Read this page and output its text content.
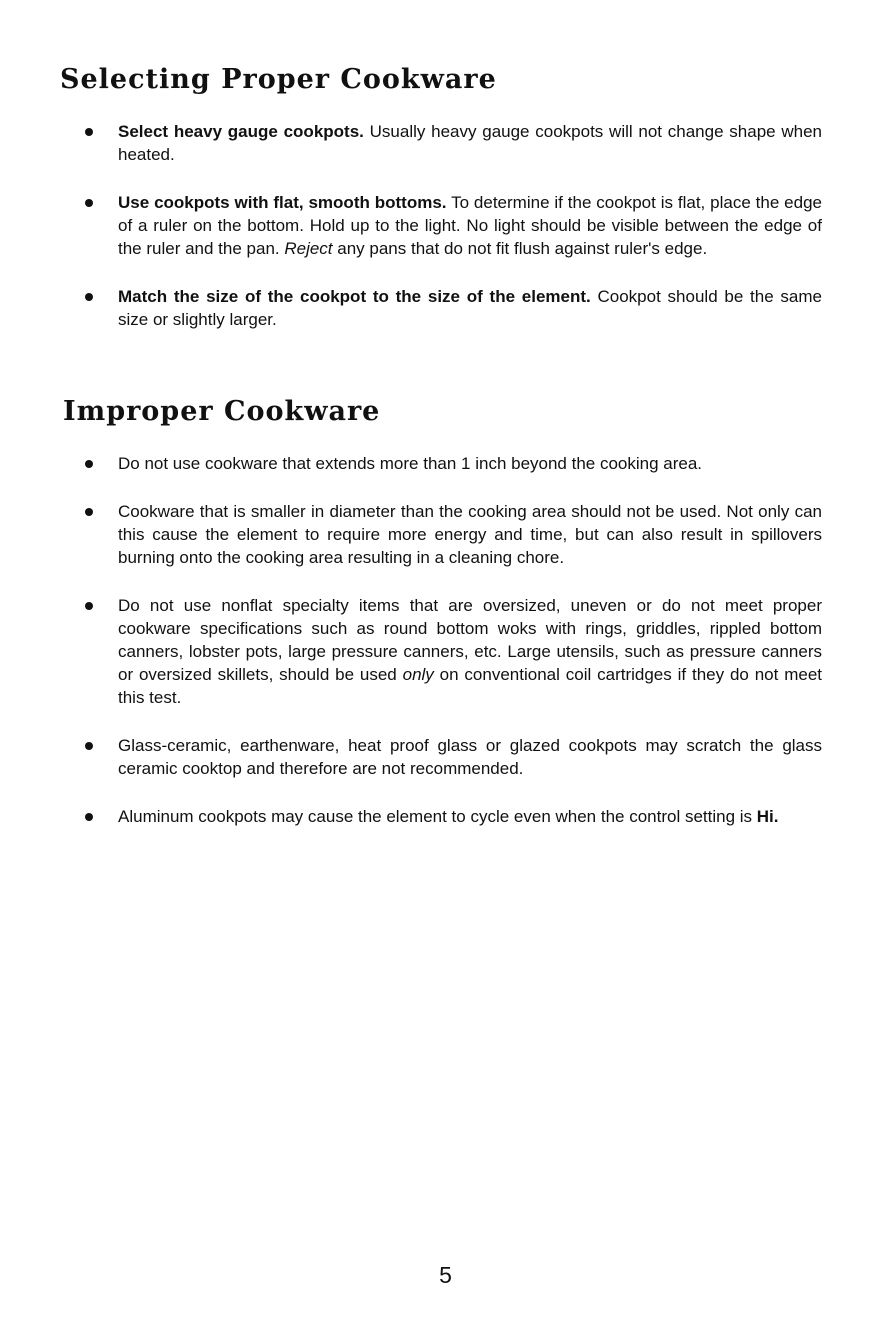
Selecting Proper Cookware
Select heavy gauge cookpots. Usually heavy gauge cookpots will not change shape when heated.
Use cookpots with flat, smooth bottoms. To determine if the cookpot is flat, place the edge of a ruler on the bottom. Hold up to the light. No light should be visible between the edge of the ruler and the pan. Reject any pans that do not fit flush against ruler's edge.
Match the size of the cookpot to the size of the element. Cookpot should be the same size or slightly larger.
Improper Cookware
Do not use cookware that extends more than 1 inch beyond the cooking area.
Cookware that is smaller in diameter than the cooking area should not be used. Not only can this cause the element to require more energy and time, but can also result in spillovers burning onto the cooking area resulting in a cleaning chore.
Do not use nonflat specialty items that are oversized, uneven or do not meet proper cookware specifications such as round bottom woks with rings, griddles, rippled bottom canners, lobster pots, large pressure canners, etc. Large utensils, such as pressure canners or oversized skillets, should be used only on conventional coil cartridges if they do not meet this test.
Glass-ceramic, earthenware, heat proof glass or glazed cookpots may scratch the glass ceramic cooktop and therefore are not recommended.
Aluminum cookpots may cause the element to cycle even when the control setting is Hi.
5
